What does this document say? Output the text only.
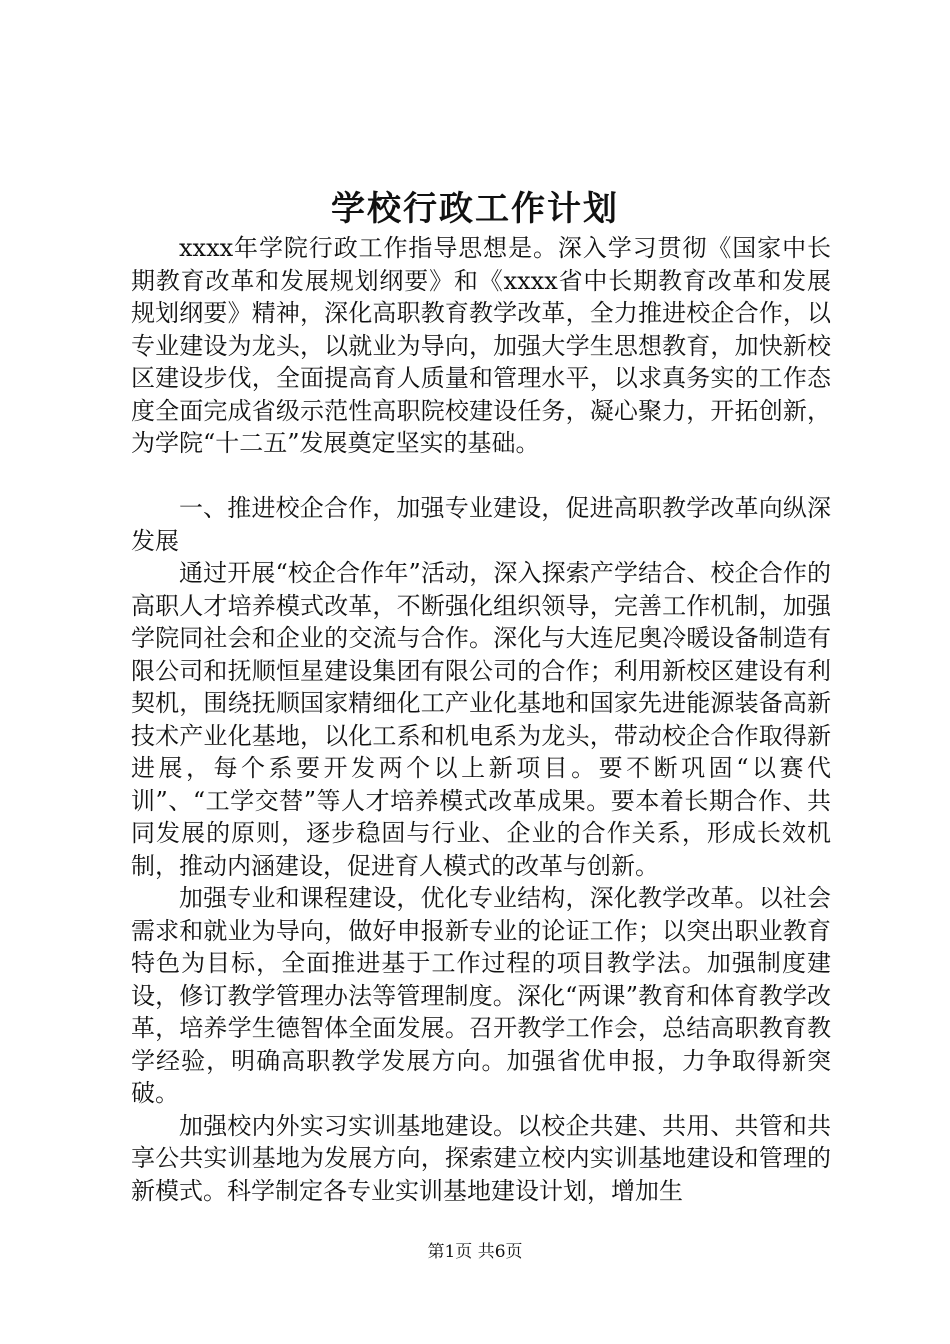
学校行政工作计划

xxxx年学院行政工作指导思想是。深入学习贯彻《国家中长期教育改革和发展规划纲要》和《xxxx省中长期教育改革和发展规划纲要》精神，深化高职教育教学改革，全力推进校企合作，以专业建设为龙头，以就业为导向，加强大学生思想教育，加快新校区建设步伐，全面提高育人质量和管理水平，以求真务实的工作态度全面完成省级示范性高职院校建设任务，凝心聚力，开拓创新，为学院“十二五”发展奠定坚实的基础。

一、推进校企合作，加强专业建设，促进高职教学改革向纵深发展

通过开展“校企合作年”活动，深入探索产学结合、校企合作的高职人才培养模式改革，不断强化组织领导，完善工作机制，加强学院同社会和企业的交流与合作。深化与大连尼奥冷暖设备制造有限公司和抚顺恒星建设集团有限公司的合作；利用新校区建设有利契机，围绕抚顺国家精细化工产业化基地和国家先进能源装备高新技术产业化基地，以化工系和机电系为龙头，带动校企合作取得新进展，每个系要开发两个以上新项目。要不断巩固“以赛代训”、“工学交替”等人才培养模式改革成果。要本着长期合作、共同发展的原则，逐步稳固与行业、企业的合作关系，形成长效机制，推动内涵建设，促进育人模式的改革与创新。

加强专业和课程建设，优化专业结构，深化教学改革。以社会需求和就业为导向，做好申报新专业的论证工作；以突出职业教育特色为目标，全面推进基于工作过程的项目教学法。加强制度建设，修订教学管理办法等管理制度。深化“两课”教育和体育教学改革，培养学生德智体全面发展。召开教学工作会，总结高职教育教学经验，明确高职教学发展方向。加强省优申报，力争取得新突破。

加强校内外实习实训基地建设。以校企共建、共用、共管和共享公共实训基地为发展方向，探索建立校内实训基地建设和管理的新模式。科学制定各专业实训基地建设计划，增加生

第1页 共6页
